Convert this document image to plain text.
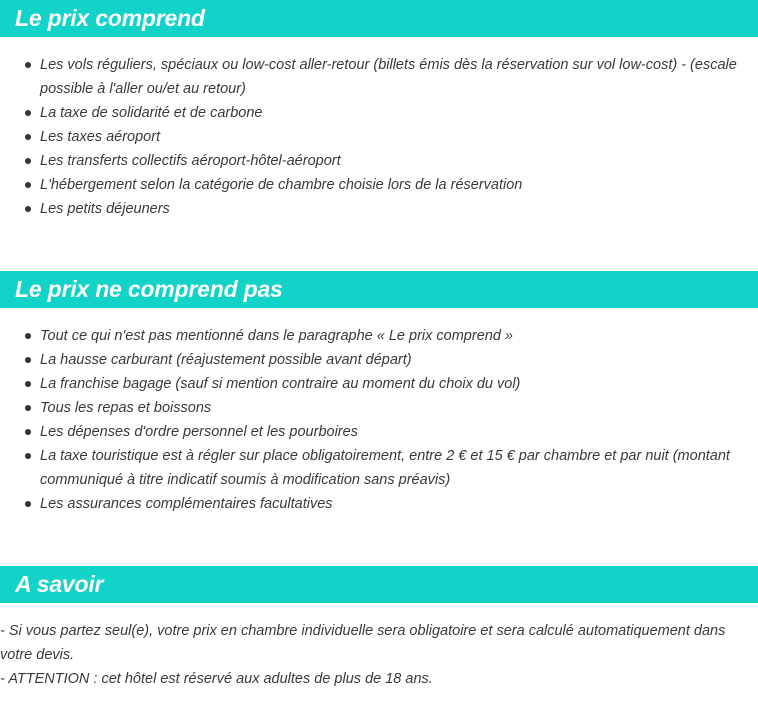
Le prix comprend
Les vols réguliers, spéciaux ou low-cost aller-retour (billets émis dès la réservation sur vol low-cost) - (escale possible à l'aller ou/et au retour)
La taxe de solidarité et de carbone
Les taxes aéroport
Les transferts collectifs aéroport-hôtel-aéroport
L'hébergement selon la catégorie de chambre choisie lors de la réservation
Les petits déjeuners
Le prix ne comprend pas
Tout ce qui n'est pas mentionné dans le paragraphe « Le prix comprend »
La hausse carburant (réajustement possible avant départ)
La franchise bagage (sauf si mention contraire au moment du choix du vol)
Tous les repas et boissons
Les dépenses d'ordre personnel et les pourboires
La taxe touristique est à régler sur place obligatoirement, entre 2 € et 15 € par chambre et par nuit (montant communiqué à titre indicatif soumis à modification sans préavis)
Les assurances complémentaires facultatives
A savoir

- Si vous partez seul(e), votre prix en chambre individuelle sera obligatoire et sera calculé automatiquement dans votre devis.

- ATTENTION : cet hôtel est réservé aux adultes de plus de 18 ans.
